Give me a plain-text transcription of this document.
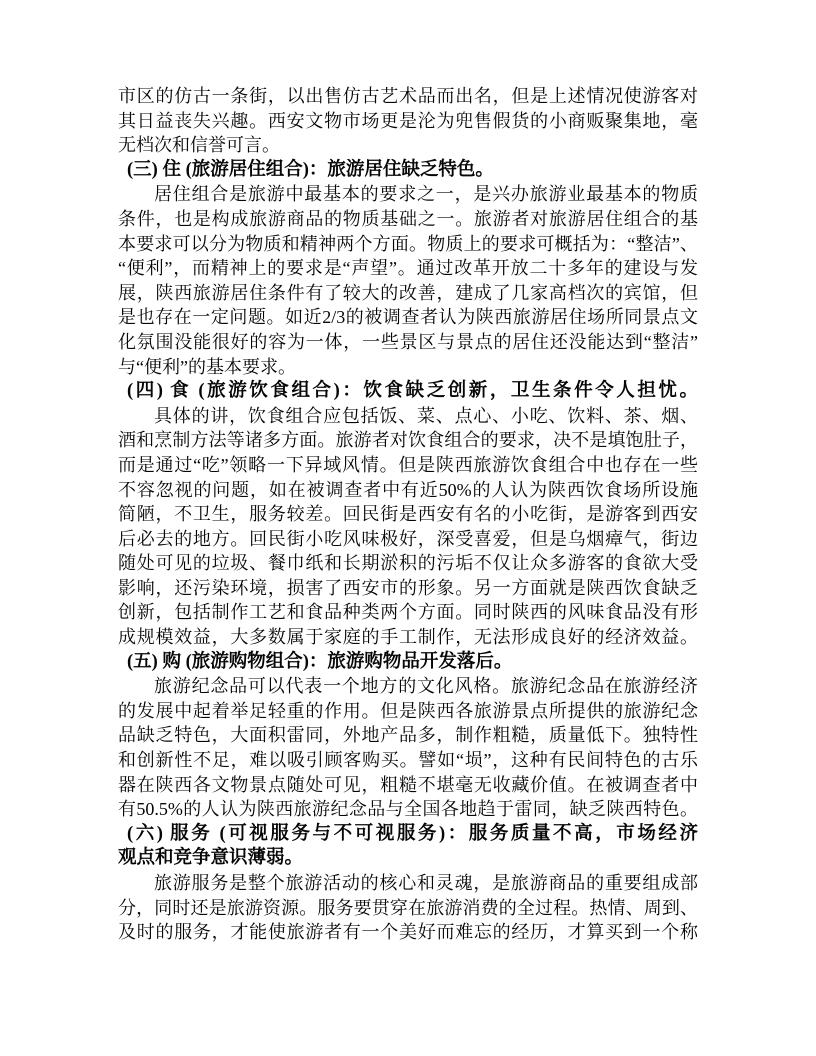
市区的仿古一条街，以出售仿古艺术品而出名，但是上述情况使游客对
其日益丧失兴趣。西安文物市场更是沦为兜售假货的小商贩聚集地，毫
无档次和信誉可言。
(三) 住 (旅游居住组合)：旅游居住缺乏特色。
居住组合是旅游中最基本的要求之一，是兴办旅游业最基本的物质
条件，也是构成旅游商品的物质基础之一。旅游者对旅游居住组合的基
本要求可以分为物质和精神两个方面。物质上的要求可概括为：“整洁”、
“便利”，而精神上的要求是“声望”。通过改革开放二十多年的建设与发
展，陕西旅游居住条件有了较大的改善，建成了几家高档次的宾馆，但
是也存在一定问题。如近2/3的被调查者认为陕西旅游居住场所同景点文
化氛围没能很好的容为一体，一些景区与景点的居住还没能达到“整洁”
与“便利”的基本要求。
(四) 食 (旅游饮食组合)：饮食缺乏创新，卫生条件令人担忧。
具体的讲，饮食组合应包括饭、菜、点心、小吃、饮料、茶、烟、
酒和烹制方法等诸多方面。旅游者对饮食组合的要求，决不是填饱肚子，
而是通过“吃”领略一下异域风情。但是陕西旅游饮食组合中也存在一些
不容忽视的问题，如在被调查者中有近50%的人认为陕西饮食场所设施
简陋，不卫生，服务较差。回民街是西安有名的小吃街，是游客到西安
后必去的地方。回民街小吃风味极好，深受喜爱，但是乌烟瘴气，街边
随处可见的垃圾、餐巾纸和长期淤积的污垢不仅让众多游客的食欲大受
影响，还污染环境，损害了西安市的形象。另一方面就是陕西饮食缺乏
创新，包括制作工艺和食品种类两个方面。同时陕西的风味食品没有形
成规模效益，大多数属于家庭的手工制作，无法形成良好的经济效益。
(五) 购 (旅游购物组合)：旅游购物品开发落后。
旅游纪念品可以代表一个地方的文化风格。旅游纪念品在旅游经济
的发展中起着举足轻重的作用。但是陕西各旅游景点所提供的旅游纪念
品缺乏特色，大面积雷同，外地产品多，制作粗糙，质量低下。独特性
和创新性不足，难以吸引顾客购买。譬如“埙”，这种有民间特色的古乐
器在陕西各文物景点随处可见，粗糙不堪毫无收藏价值。在被调查者中
有50.5%的人认为陕西旅游纪念品与全国各地趋于雷同，缺乏陕西特色。
(六) 服务 (可视服务与不可视服务)：服务质量不高，市场经济
观点和竞争意识薄弱。
旅游服务是整个旅游活动的核心和灵魂，是旅游商品的重要组成部
分，同时还是旅游资源。服务要贯穿在旅游消费的全过程。热情、周到、
及时的服务，才能使旅游者有一个美好而难忘的经历，才算买到一个称
